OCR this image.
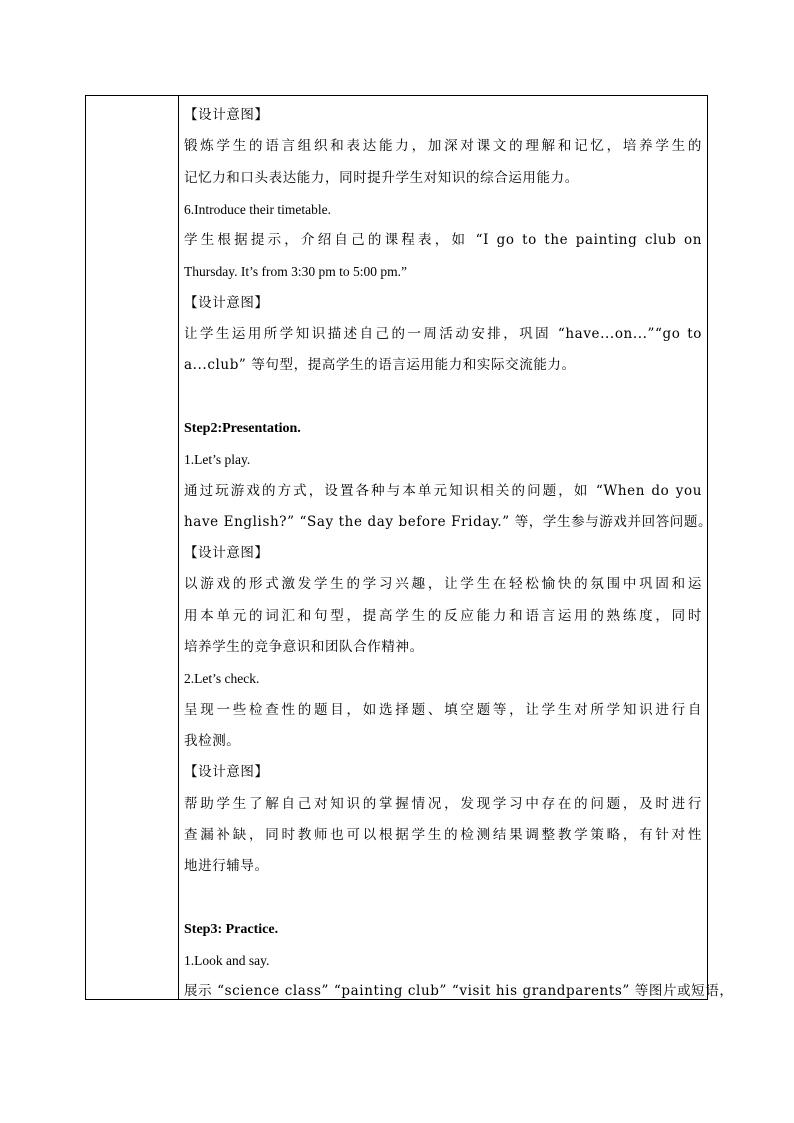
【设计意图】
锻炼学生的语言组织和表达能力，加深对课文的理解和记忆，培养学生的
记忆力和口头表达能力，同时提升学生对知识的综合运用能力。
6.Introduce their timetable.
学生根据提示，介绍自己的课程表，如 “I go to the painting club on
Thursday. It’s from 3:30 pm to 5:00 pm.”
【设计意图】
让学生运用所学知识描述自己的一周活动安排，巩固 “have...on...”“go to
a...club” 等句型，提高学生的语言运用能力和实际交流能力。
Step2:Presentation.
1.Let’s play.
通过玩游戏的方式，设置各种与本单元知识相关的问题，如 “When do you
have English?” “Say the day before Friday.” 等，学生参与游戏并回答问题。
【设计意图】
以游戏的形式激发学生的学习兴趣，让学生在轻松愉快的氛围中巩固和运
用本单元的词汇和句型，提高学生的反应能力和语言运用的熟练度，同时
培养学生的竞争意识和团队合作精神。
2.Let’s check.
呈现一些检查性的题目，如选择题、填空题等，让学生对所学知识进行自
我检测。
【设计意图】
帮助学生了解自己对知识的掌握情况，发现学习中存在的问题，及时进行
查漏补缺，同时教师也可以根据学生的检测结果调整教学策略，有针对性
地进行辅导。
Step3: Practice.
1.Look and say.
展示 “science class” “painting club” “visit his grandparents” 等图片或短语，
